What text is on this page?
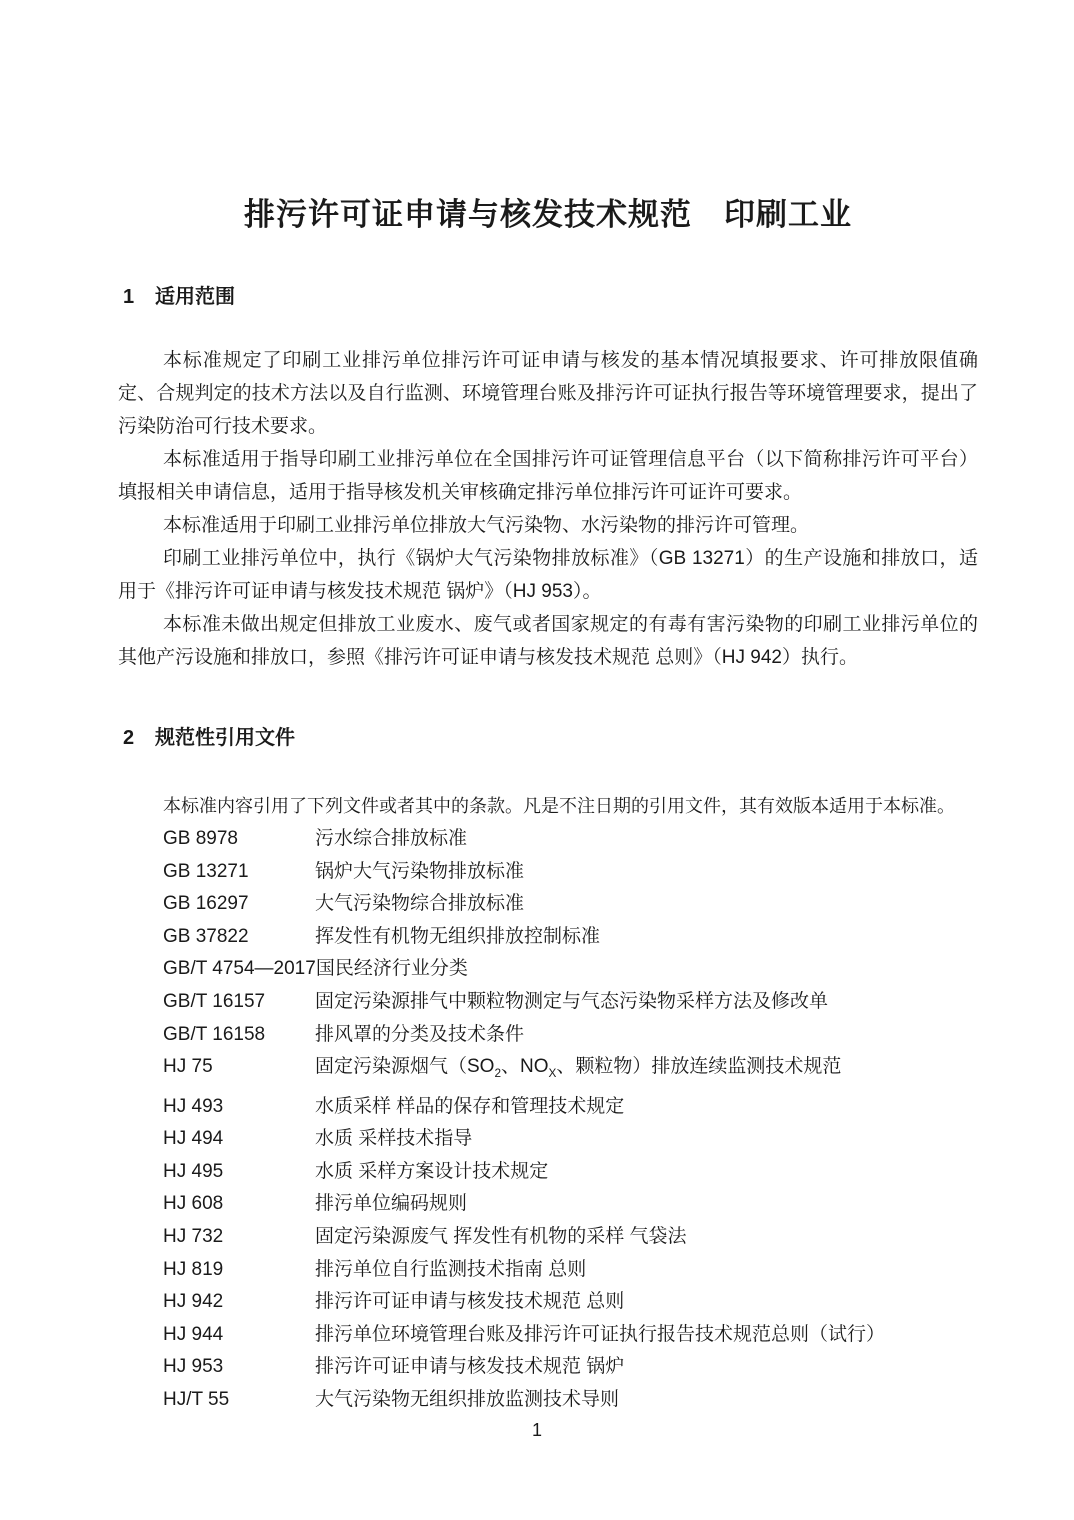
排污许可证申请与核发技术规范　印刷工业
1	适用范围

本标准规定了印刷工业排污单位排污许可证申请与核发的基本情况填报要求、许可排放限值确定、合规判定的技术方法以及自行监测、环境管理台账及排污许可证执行报告等环境管理要求，提出了污染防治可行技术要求。

本标准适用于指导印刷工业排污单位在全国排污许可证管理信息平台（以下简称排污许可平台）填报相关申请信息，适用于指导核发机关审核确定排污单位排污许可证许可要求。

本标准适用于印刷工业排污单位排放大气污染物、水污染物的排污许可管理。

印刷工业排污单位中，执行《锅炉大气污染物排放标准》（GB 13271）的生产设施和排放口，适用于《排污许可证申请与核发技术规范 锅炉》（HJ 953）。

本标准未做出规定但排放工业废水、废气或者国家规定的有毒有害污染物的印刷工业排污单位的其他产污设施和排放口，参照《排污许可证申请与核发技术规范 总则》（HJ 942）执行。

2	规范性引用文件

本标准内容引用了下列文件或者其中的条款。凡是不注日期的引用文件，其有效版本适用于本标准。

GB 8978	污水综合排放标准
GB 13271	锅炉大气污染物排放标准
GB 16297	大气污染物综合排放标准
GB 37822	挥发性有机物无组织排放控制标准
GB/T 4754—2017 国民经济行业分类
GB/T 16157	固定污染源排气中颗粒物测定与气态污染物采样方法及修改单
GB/T 16158	排风罩的分类及技术条件
HJ 75	固定污染源烟气（$SO_2$、$NO_X$、颗粒物）排放连续监测技术规范
HJ 493	水质采样 样品的保存和管理技术规定
HJ 494	水质 采样技术指导
HJ 495	水质 采样方案设计技术规定
HJ 608	排污单位编码规则
HJ 732	固定污染源废气 挥发性有机物的采样 气袋法
HJ 819	排污单位自行监测技术指南 总则
HJ 942	排污许可证申请与核发技术规范 总则
HJ 944	排污单位环境管理台账及排污许可证执行报告技术规范总则（试行）
HJ 953	排污许可证申请与核发技术规范 锅炉
HJ/T 55	大气污染物无组织排放监测技术导则
1
